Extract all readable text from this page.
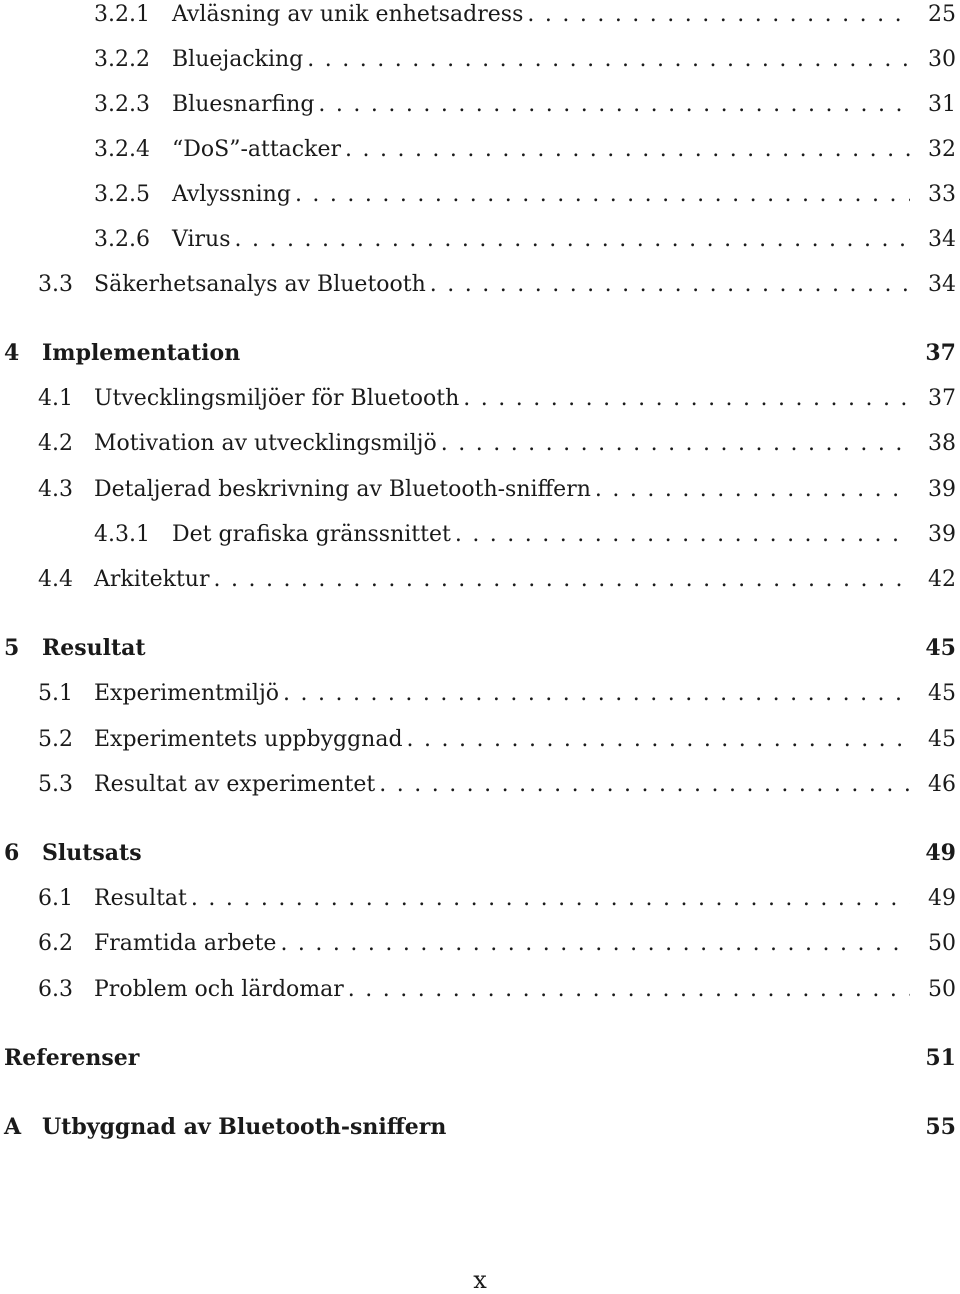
3.2.1	Avläsning av unik enhetsadress . . .	25
3.2.2	Bluejacking . . .	30
3.2.3	Bluesnarfing . . .	31
3.2.4	“DoS”-attacker . . .	32
3.2.5	Avlyssning . . .	33
3.2.6	Virus . . .	34
3.3 Säkerhetsanalys av Bluetooth . . .	34
4	Implementation	37
4.1 Utvecklingsmiljöer för Bluetooth . . .	37
4.2 Motivation av utvecklingsmiljö . . .	38
4.3 Detaljerad beskrivning av Bluetooth-sniffern . . .	39
4.3.1	Det grafiska gränssnittet . . .	39
4.4 Arkitektur . . .	42
5	Resultat	45
5.1 Experimentmiljö . . .	45
5.2 Experimentets uppbyggnad . . .	45
5.3 Resultat av experimentet . . .	46
6	Slutsats	49
6.1 Resultat . . .	49
6.2 Framtida arbete . . .	50
6.3 Problem och lärdomar . . .	50
Referenser	51
A Utbyggnad av Bluetooth-sniffern	55
x
